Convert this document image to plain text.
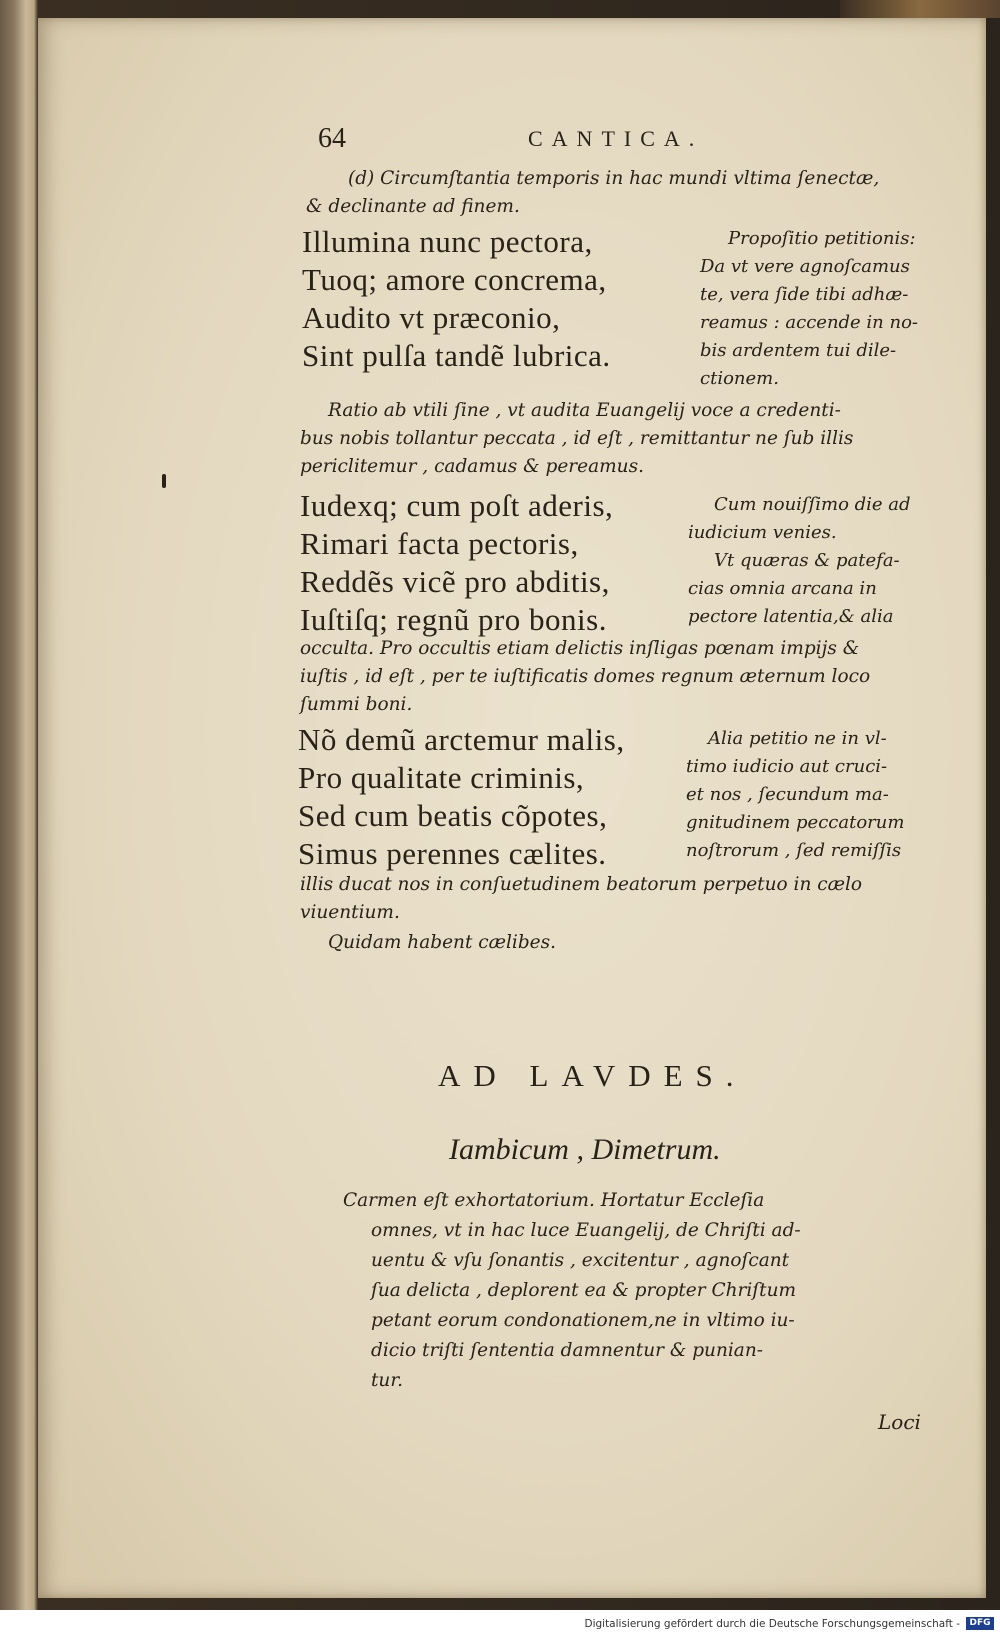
64	CANTICA.
(d) Circumſtantia temporis in hac mundi vltima ſenectæ,
& declinante ad finem.
Illumina nunc pectora,
Tuoq; amore concrema,
Audito vt præconio,
Sint pulſa tandẽ lubrica.
Propoſitio petitionis:
Da vt vere agnoſcamus
te, vera ſide tibi adhæ-
reamus : accende in no-
bis ardentem tui dile-
ctionem.
Ratio ab vtili ſine , vt audita Euangelij voce a credenti-
bus nobis tollantur peccata , id eſt , remittantur ne ſub illis
periclitemur , cadamus & pereamus.
Iudexq; cum poſt aderis,
Rimari facta pectoris,
Reddẽs vicẽ pro abditis,
Iuſtiſq; regnũ pro bonis.
Cum nouiſſimo die ad
iudicium venies.
Vt quæras & patefa-
cias omnia arcana in
pectore latentia,& alia
occulta. Pro occultis etiam delictis inſligas pœnam impijs &
iuſtis , id eſt , per te iuſtificatis domes regnum æternum loco
ſummi boni.
Nõ demũ arctemur malis,
Pro qualitate criminis,
Sed cum beatis cõpotes,
Simus perennes cælites.
Alia petitio ne in vl-
timo iudicio aut cruci-
et nos , ſecundum ma-
gnitudinem peccatorum
noſtrorum , ſed remiſſis
illis ducat nos in conſuetudinem beatorum perpetuo in cælo
viuentium.
Quidam habent cælibes.
AD LAVDES.
Iambicum , Dimetrum.
Carmen eſt exhortatorium. Hortatur Eccleſia
omnes, vt in hac luce Euangelij, de Chriſti ad-
uentu & vſu ſonantis , excitentur , agnoſcant
ſua delicta , deplorent ea & propter Chriſtum
petant eorum condonationem,ne in vltimo iu-
dicio triſti ſententia damnentur & punian-
tur.
Loci
Digitalisierung gefördert durch die Deutsche Forschungsgemeinschaft -	DFG
